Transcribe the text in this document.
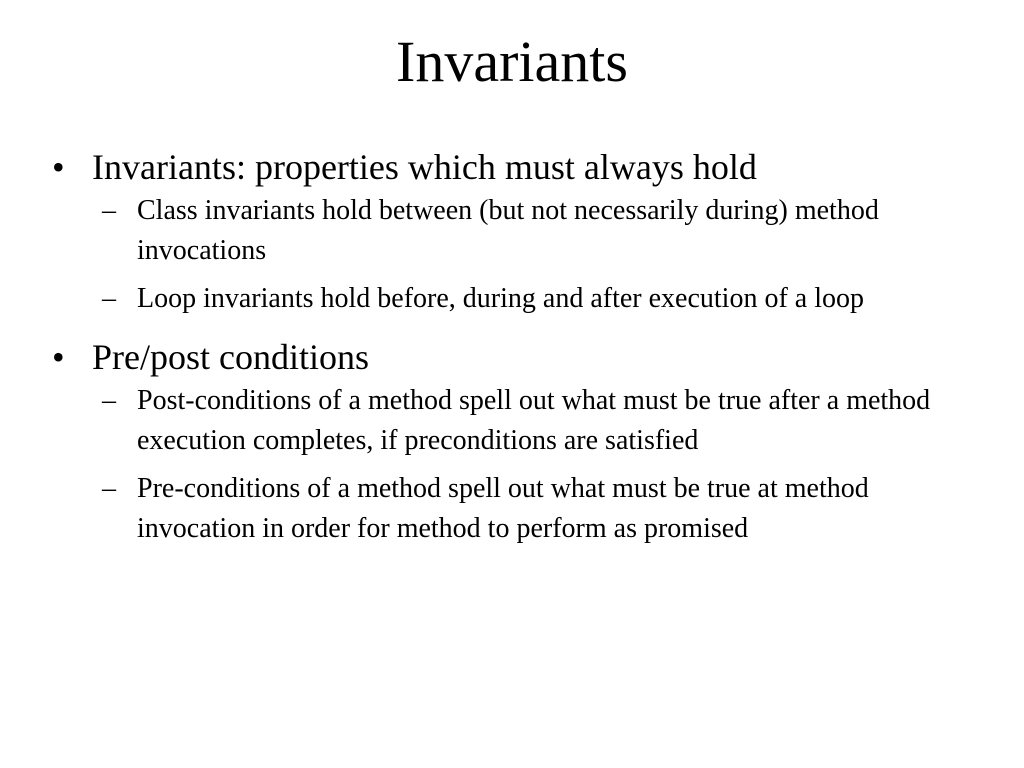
Invariants
• Invariants: properties which must always hold
– Class invariants hold between (but not necessarily during) method invocations
– Loop invariants hold before, during and after execution of a loop
• Pre/post conditions
– Post-conditions of a method spell out what must be true after a method execution completes, if preconditions are satisfied
– Pre-conditions of a method spell out what must be true at method invocation in order for method to perform as promised
